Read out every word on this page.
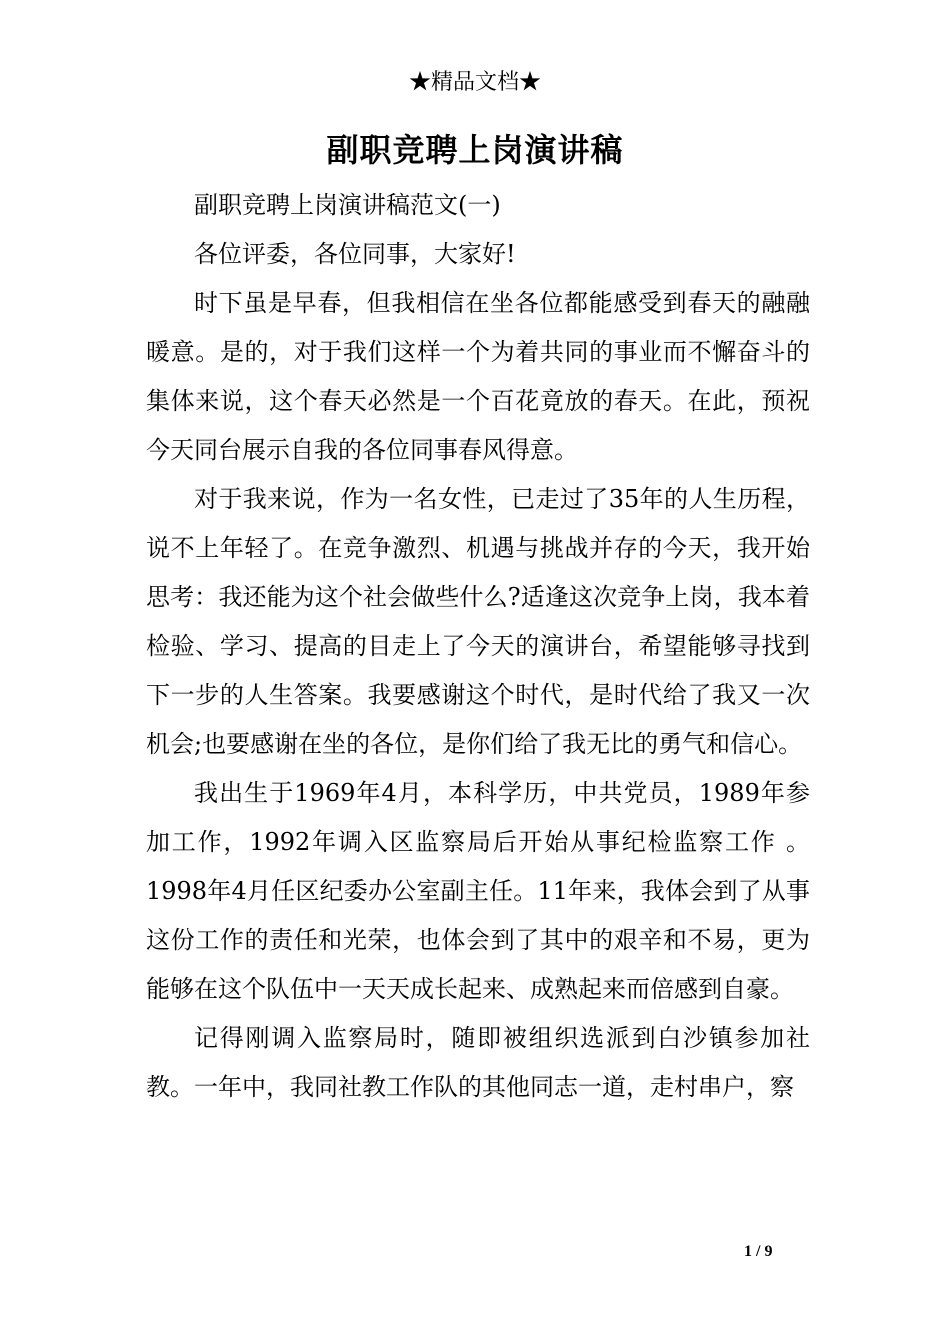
★精品文档★
副职竞聘上岗演讲稿

副职竞聘上岗演讲稿范文(一)

各位评委，各位同事，大家好!

时下虽是早春，但我相信在坐各位都能感受到春天的融融暖意。是的，对于我们这样一个为着共同的事业而不懈奋斗的集体来说，这个春天必然是一个百花竟放的春天。在此，预祝今天同台展示自我的各位同事春风得意。

对于我来说，作为一名女性，已走过了35年的人生历程，说不上年轻了。在竞争激烈、机遇与挑战并存的今天，我开始思考：我还能为这个社会做些什么?适逢这次竞争上岗，我本着检验、学习、提高的目走上了今天的演讲台，希望能够寻找到下一步的人生答案。我要感谢这个时代，是时代给了我又一次机会;也要感谢在坐的各位，是你们给了我无比的勇气和信心。

我出生于1969年4月，本科学历，中共党员，1989年参加工作，1992年调入区监察局后开始从事纪检监察工作 。1998年4月任区纪委办公室副主任。11年来，我体会到了从事这份工作的责任和光荣，也体会到了其中的艰辛和不易，更为能够在这个队伍中一天天成长起来、成熟起来而倍感到自豪。

记得刚调入监察局时，随即被组织选派到白沙镇参加社教。一年中，我同社教工作队的其他同志一道，走村串户，察

1 / 9
